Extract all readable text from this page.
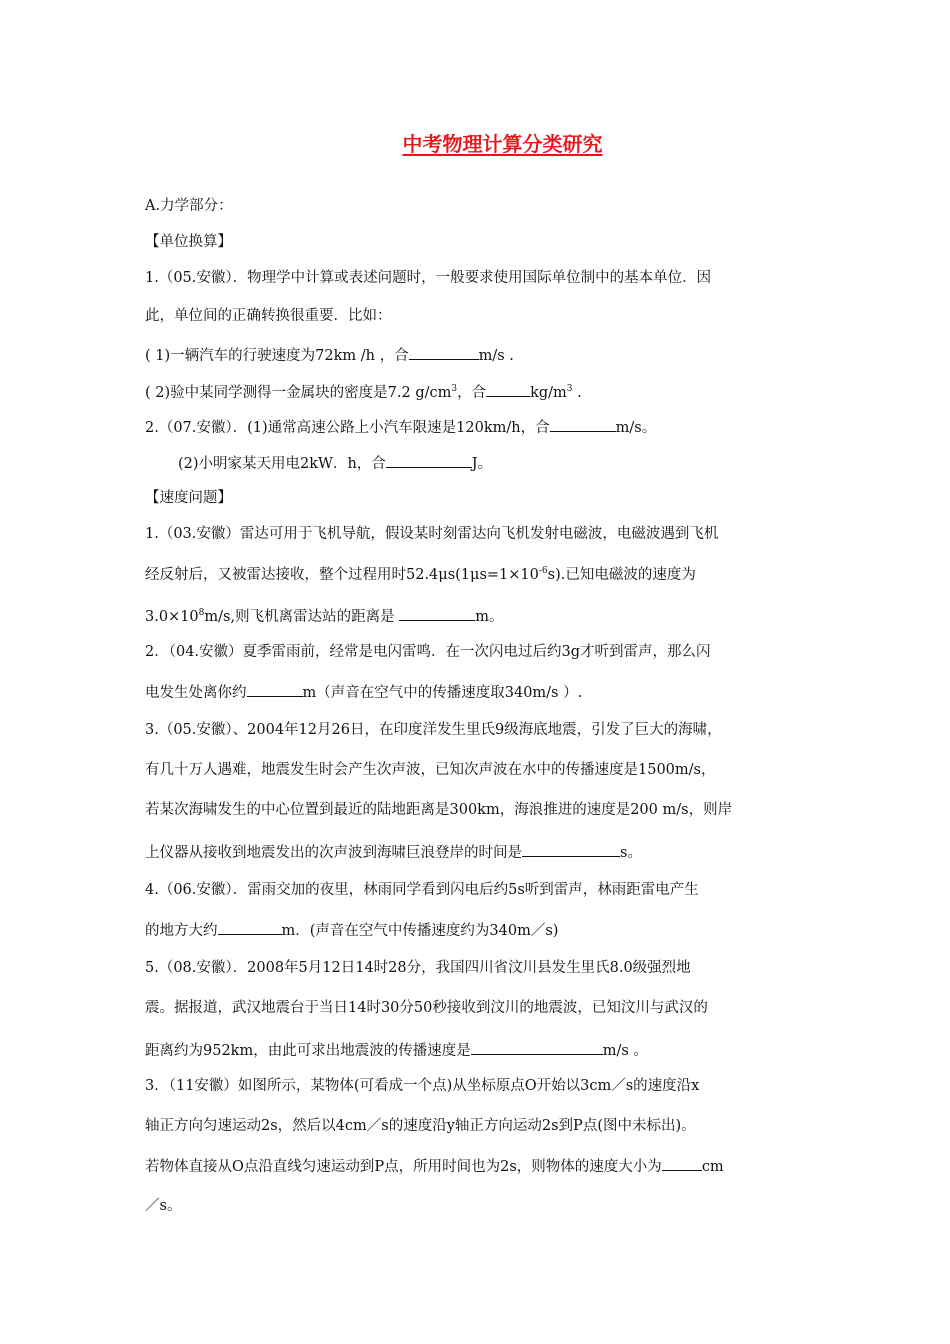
中考物理计算分类研究
A.力学部分：
【单位换算】
1.（05.安徽）．物理学中计算或表述问题时，一般要求使用国际单位制中的基本单位．因
此，单位间的正确转换很重要．比如：
( 1)一辆汽车的行驶速度为72km /h ，合	m/s .
( 2)验中某同学测得一金属块的密度是7.2 $g/cm^3$，合	$kg/m^3$ .
2.（07.安徽）．(1)通常高速公路上小汽车限速是120km/h，合	m/s。
(2)小明家某天用电2kW．h，合	J。
【速度问题】
1.（03.安徽）雷达可用于飞机导航，假设某时刻雷达向飞机发射电磁波，电磁波遇到飞机
经反射后，又被雷达接收，整个过程用时$52.4\mu s(1\mu s=1\times 10^{-6}s)$.已知电磁波的速度为
$3.0\times 10^8m/s$,则飞机离雷达站的距离是	m。
2．（04.安徽）夏季雷雨前，经常是电闪雷鸣．在一次闪电过后约3g才听到雷声，那么闪
电发生处离你约	m（声音在空气中的传播速度取340m/s ）.
3.（05.安徽）、2004年12月26日，在印度洋发生里氏9级海底地震，引发了巨大的海啸，
有几十万人遇难，地震发生时会产生次声波，已知次声波在水中的传播速度是1500m/s，
若某次海啸发生的中心位置到最近的陆地距离是300km，海浪推进的速度是200 m/s，则岸
上仪器从接收到地震发出的次声波到海啸巨浪登岸的时间是	s。
4.（06.安徽）．雷雨交加的夜里，林雨同学看到闪电后约5s听到雷声，林雨距雷电产生
的地方大约	m．(声音在空气中传播速度约为340m／s)
5.（08.安徽）．2008年5月12日14时28分，我国四川省汶川县发生里氏8.0级强烈地
震。据报道，武汉地震台于当日14时30分50秒接收到汶川的地震波，已知汶川与武汉的
距离约为952km，由此可求出地震波的传播速度是	m/s 。
3．（11安徽）如图所示，某物体(可看成一个点)从坐标原点O开始以3cm／s的速度沿x
轴正方向匀速运动2s，然后以4cm／s的速度沿y轴正方向运动2s到P点(图中未标出)。
若物体直接从O点沿直线匀速运动到P点，所用时间也为2s，则物体的速度大小为	cm
／s。
